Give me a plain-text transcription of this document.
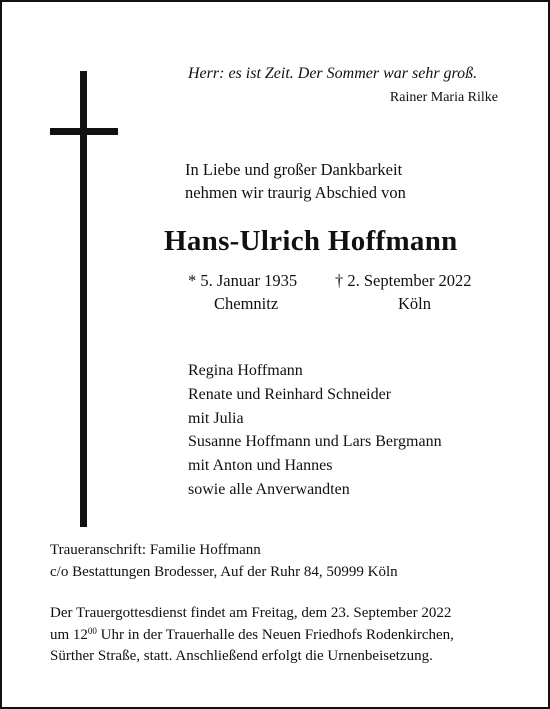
Herr: es ist Zeit. Der Sommer war sehr groß.
Rainer Maria Rilke
In Liebe und großer Dankbarkeit
nehmen wir traurig Abschied von
Hans-Ulrich Hoffmann
* 5. Januar 1935
Chemnitz
† 2. September 2022
Köln
Regina Hoffmann
Renate und Reinhard Schneider
mit Julia
Susanne Hoffmann und Lars Bergmann
mit Anton und Hannes
sowie alle Anverwandten
Traueranschrift: Familie Hoffmann
c/o Bestattungen Brodesser, Auf der Ruhr 84, 50999 Köln
Der Trauergottesdienst findet am Freitag, dem 23. September 2022
um $12^{00}$ Uhr in der Trauerhalle des Neuen Friedhofs Rodenkirchen,
Sürther Straße, statt. Anschließend erfolgt die Urnenbeisetzung.
